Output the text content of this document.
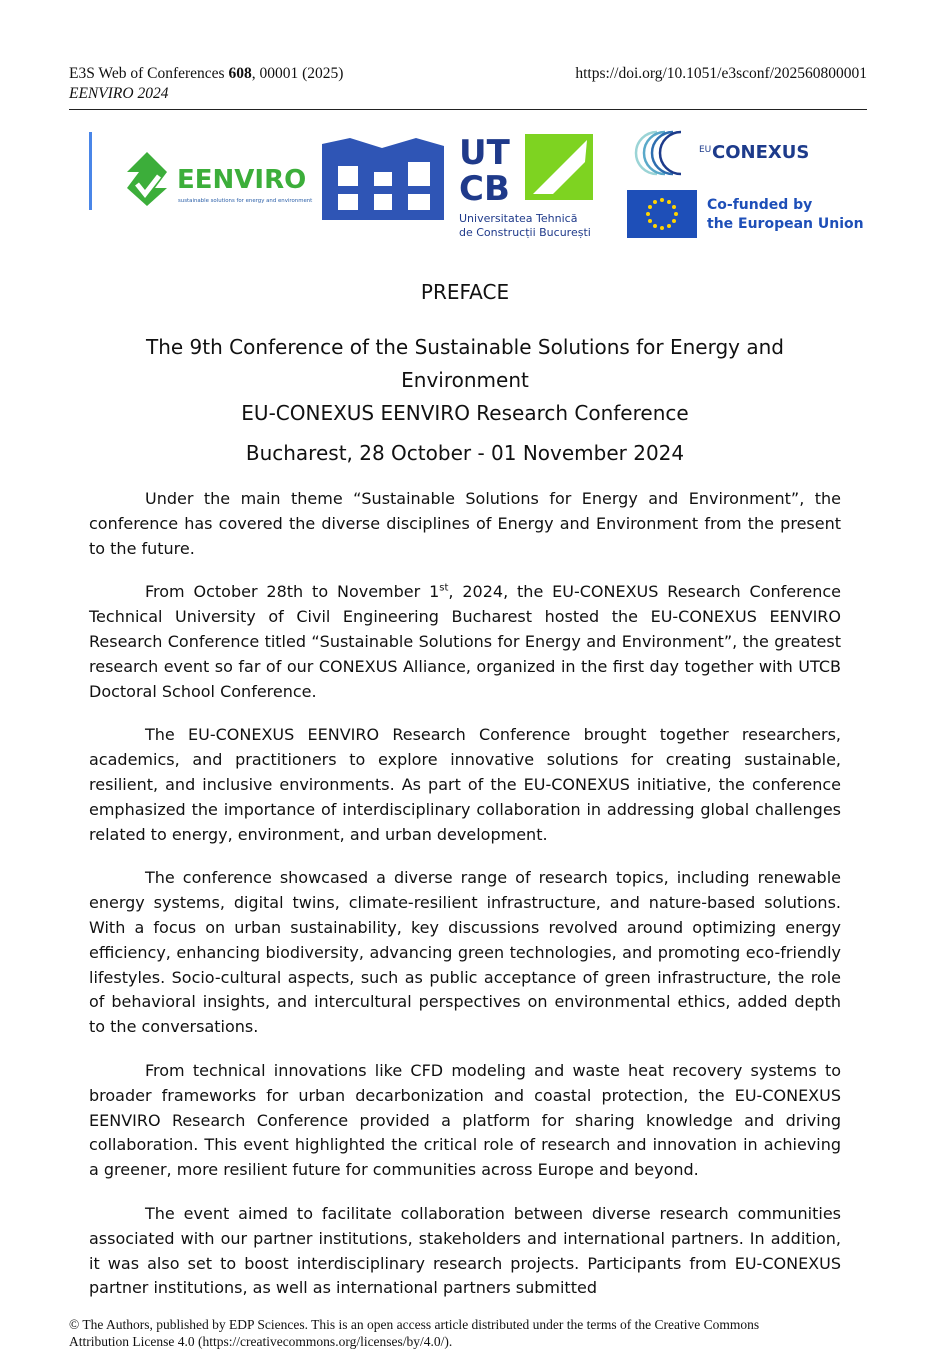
E3S Web of Conferences 608, 00001 (2025)	https://doi.org/10.1051/e3sconf/202560800001
EENVIRO 2024
EENVIRO
sustainable solutions for energy and environment
UT
CB
Universitatea Tehnică
de Construcții București
EU CONEXUS
Co-funded by
the European Union
PREFACE
The 9th Conference of the Sustainable Solutions for Energy and
Environment
EU-CONEXUS EENVIRO Research Conference
Bucharest, 28 October - 01 November 2024

Under the main theme “Sustainable Solutions for Energy and Environment”, the conference has covered the diverse disciplines of Energy and Environment from the present to the future.

From October 28th to November 1st, 2024, the EU-CONEXUS Research Conference Technical University of Civil Engineering Bucharest hosted the EU-CONEXUS EENVIRO Research Conference titled “Sustainable Solutions for Energy and Environment”, the greatest research event so far of our CONEXUS Alliance, organized in the first day together with UTCB Doctoral School Conference.

The EU-CONEXUS EENVIRO Research Conference brought together researchers, academics, and practitioners to explore innovative solutions for creating sustainable, resilient, and inclusive environments. As part of the EU-CONEXUS initiative, the conference emphasized the importance of interdisciplinary collaboration in addressing global challenges related to energy, environment, and urban development.

The conference showcased a diverse range of research topics, including renewable energy systems, digital twins, climate-resilient infrastructure, and nature-based solutions. With a focus on urban sustainability, key discussions revolved around optimizing energy efficiency, enhancing biodiversity, advancing green technologies, and promoting eco-friendly lifestyles. Socio-cultural aspects, such as public acceptance of green infrastructure, the role of behavioral insights, and intercultural perspectives on environmental ethics, added depth to the conversations.

From technical innovations like CFD modeling and waste heat recovery systems to broader frameworks for urban decarbonization and coastal protection, the EU-CONEXUS EENVIRO Research Conference provided a platform for sharing knowledge and driving collaboration. This event highlighted the critical role of research and innovation in achieving a greener, more resilient future for communities across Europe and beyond.

The event aimed to facilitate collaboration between diverse research communities associated with our partner institutions, stakeholders and international partners. In addition, it was also set to boost interdisciplinary research projects. Participants from EU-CONEXUS partner institutions, as well as international partners submitted

© The Authors, published by EDP Sciences. This is an open access article distributed under the terms of the Creative Commons
Attribution License 4.0 (https://creativecommons.org/licenses/by/4.0/).
